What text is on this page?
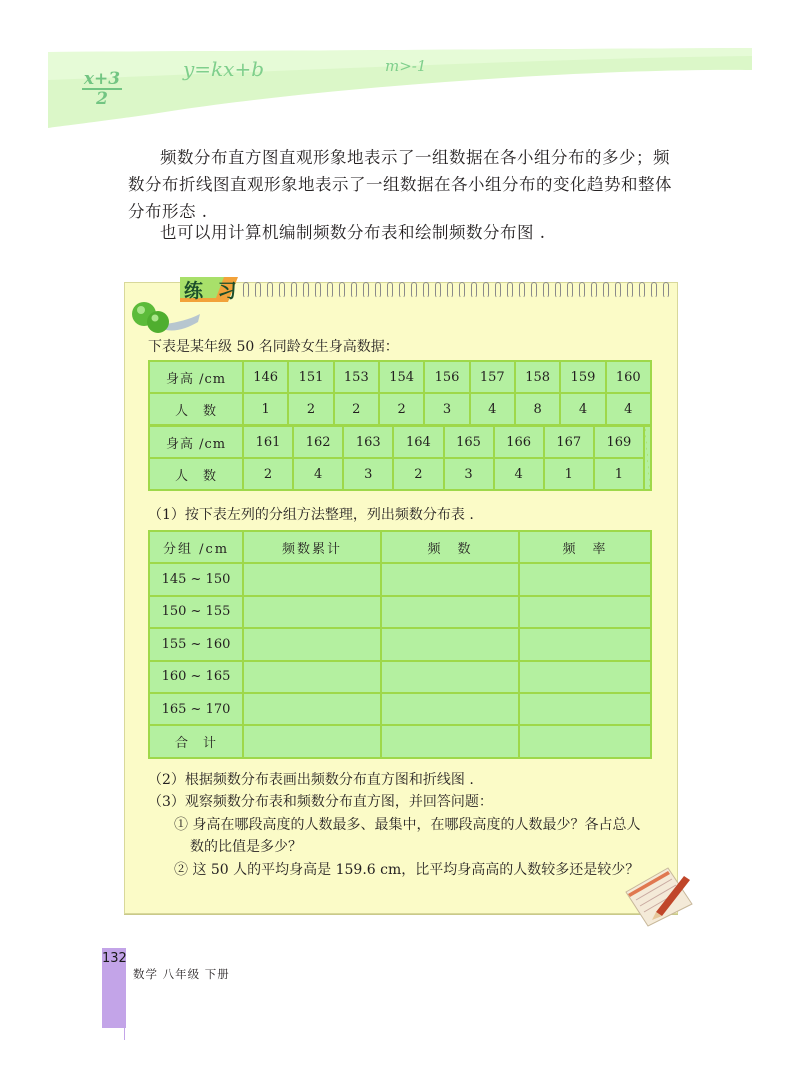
$\frac{x+3}{2}$
y=kx+b	m>-1
频数分布直方图直观形象地表示了一组数据在各小组分布的多少；频数分布折线图直观形象地表示了一组数据在各小组分布的变化趋势和整体分布形态 .
也可以用计算机编制频数分布表和绘制频数分布图 .
练 习
下表是某年级 50 名同龄女生身高数据：
身高 /cm	146	151	153	154	156	157	158	159	160
人　数	1	2	2	2	3	4	8	4	4
身高 /cm	161	162	163	164	165	166	167	169	
人　数	2	4	3	2	3	4	1	1	
（1）按下表左列的分组方法整理，列出频数分布表 .
分组 /cm	频数累计	频　数	频　率
145 ~ 150			
150 ~ 155			
155 ~ 160			
160 ~ 165			
165 ~ 170			
合　计			
（2）根据频数分布表画出频数分布直方图和折线图 .
（3）观察频数分布表和频数分布直方图，并回答问题：
① 身高在哪段高度的人数最多、最集中，在哪段高度的人数最少？各占总人
数的比值是多少？
② 这 50 人的平均身高是 159.6 cm，比平均身高高的人数较多还是较少？
132
数学 八年级 下册
